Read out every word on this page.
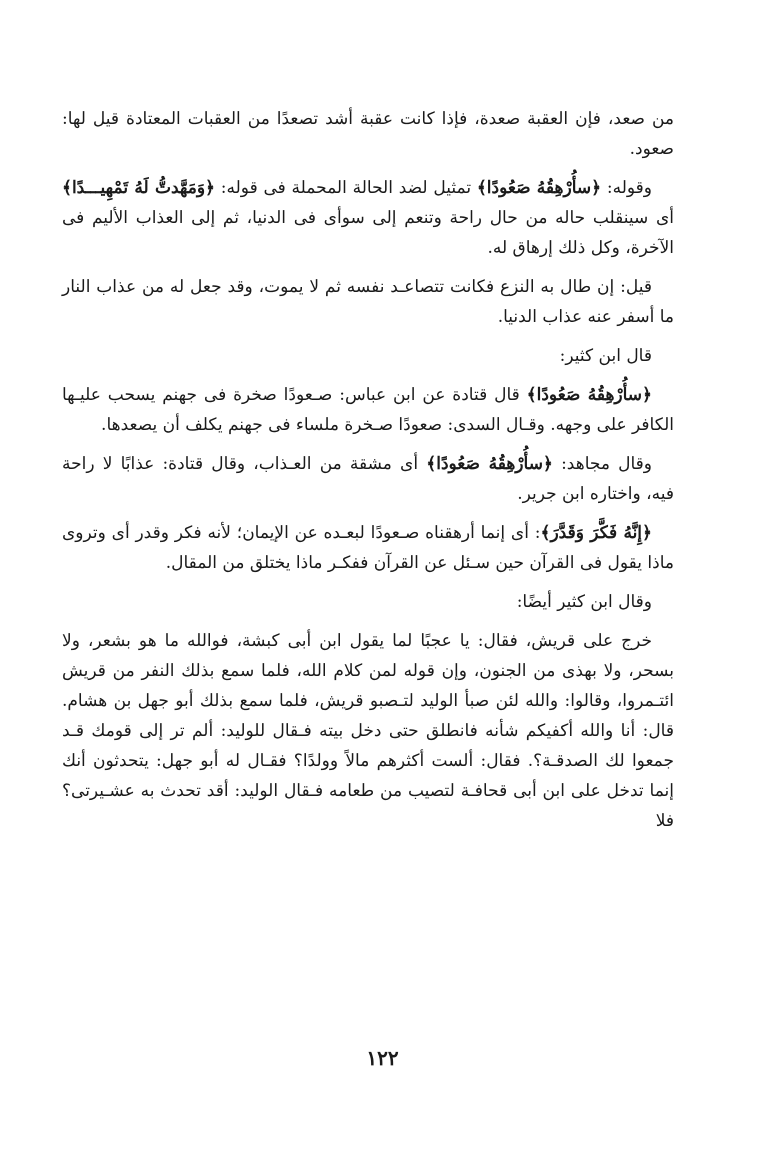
من صعد، فإن العقبة صعدة، فإذا كانت عقبة أشد تصعدًا من العقبات المعتادة قيل لها: صعود.

وقوله: ﴿سأُرْهِقُهُ صَعُودًا﴾ تمثيل لضد الحالة المحملة فى قوله: ﴿وَمَهَّدتُّ لَهُ تَمْهِيـــدًا﴾ أى سينقلب حاله من حال راحة وتنعم إلى سوأى فى الدنيا، ثم إلى العذاب الأليم فى الآخرة، وكل ذلك إرهاق له.

قيل: إن طال به النزع فكانت تتصاعـد نفسه ثم لا يموت، وقد جعل له من عذاب النار ما أسفر عنه عذاب الدنيا.

قال ابن كثير:

﴿سأُرْهِقُهُ صَعُودًا﴾ قال قتادة عن ابن عباس: صـعودًا صخرة فى جهنم يسحب عليـها الكافر على وجهه. وقـال السدى: صعودًا صـخرة ملساء فى جهنم يكلف أن يصعدها.

وقال مجاهد: ﴿سأُرْهِقُهُ صَعُودًا﴾ أى مشقة من العـذاب، وقال قتادة: عذابًا لا راحة فيه، واختاره ابن جرير.

﴿إِنَّهُ فَكَّرَ وَقَدَّرَ﴾: أى إنما أرهقناه صـعودًا لبعـده عن الإيمان؛ لأنه فكر وقدر أى وتروى ماذا يقول فى القرآن حين سـئل عن القرآن ففكـر ماذا يختلق من المقال.

وقال ابن كثير أيضًا:

خرج على قريش، فقال: يا عجبًا لما يقول ابن أبى كبشة، فوالله ما هو بشعر، ولا بسحر، ولا بهذى من الجنون، وإن قوله لمن كلام الله، فلما سمع بذلك النفر من قريش ائتـمروا، وقالوا: والله لئن صبأ الوليد لتـصبو قريش، فلما سمع بذلك أبو جهل بن هشام. قال: أنا والله أكفيكم شأنه فانطلق حتى دخل بيته فـقال للوليد: ألم تر إلى قومك قـد جمعوا لك الصدقـة؟. فقال: ألست أكثرهم مالاً وولدًا؟ فقـال له أبو جهل: يتحدثون أنك إنما تدخل على ابن أبى قحافـة لتصيب من طعامه فـقال الوليد: أقد تحدث به عشـيرتى؟ فلا

١٢٢
